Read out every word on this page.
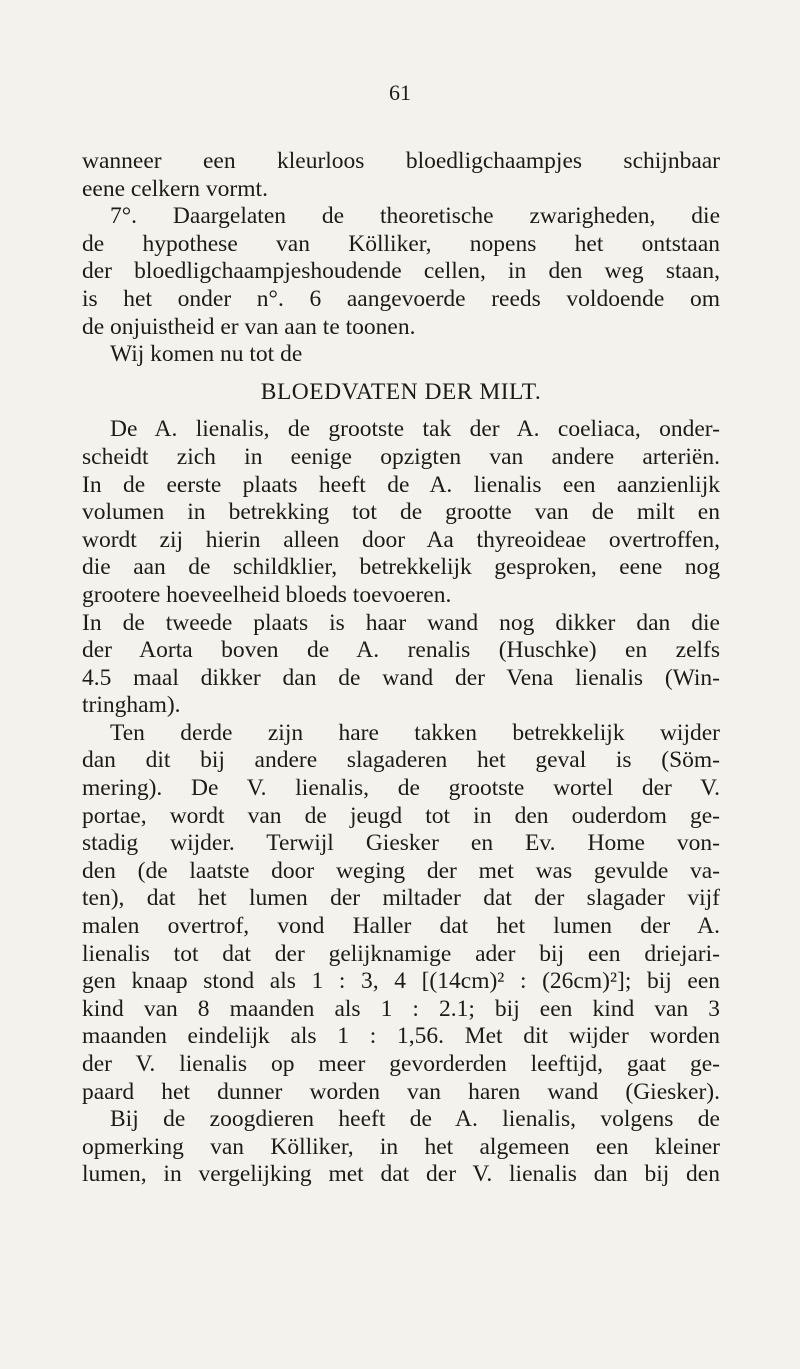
61
wanneer een kleurloos bloedligchaampjes schijnbaar
eene celkern vormt.
7°. Daargelaten de theoretische zwarigheden, die
de hypothese van Kölliker, nopens het ontstaan
der bloedligchaampjeshoudende cellen, in den weg staan,
is het onder n°. 6 aangevoerde reeds voldoende om
de onjuistheid er van aan te toonen.
Wij komen nu tot de
BLOEDVATEN DER MILT.
De A. lienalis, de grootste tak der A. coeliaca, onder-
scheidt zich in eenige opzigten van andere arteriën.
In de eerste plaats heeft de A. lienalis een aanzienlijk
volumen in betrekking tot de grootte van de milt en
wordt zij hierin alleen door Aa thyreoideae overtroffen,
die aan de schildklier, betrekkelijk gesproken, eene nog
grootere hoeveelheid bloeds toevoeren.
In de tweede plaats is haar wand nog dikker dan die
der Aorta boven de A. renalis (Huschke) en zelfs
4.5 maal dikker dan de wand der Vena lienalis (Win-
tringham).
Ten derde zijn hare takken betrekkelijk wijder
dan dit bij andere slagaderen het geval is (Söm-
mering). De V. lienalis, de grootste wortel der V.
portae, wordt van de jeugd tot in den ouderdom ge-
stadig wijder. Terwijl Giesker en Ev. Home von-
den (de laatste door weging der met was gevulde va-
ten), dat het lumen der miltader dat der slagader vijf
malen overtrof, vond Haller dat het lumen der A.
lienalis tot dat der gelijknamige ader bij een driejari-
gen knaap stond als 1 : 3, 4 [(14cm)² : (26cm)²]; bij een
kind van 8 maanden als 1 : 2.1; bij een kind van 3
maanden eindelijk als 1 : 1,56. Met dit wijder worden
der V. lienalis op meer gevorderden leeftijd, gaat ge-
paard het dunner worden van haren wand (Giesker).
Bij de zoogdieren heeft de A. lienalis, volgens de
opmerking van Kölliker, in het algemeen een kleiner
lumen, in vergelijking met dat der V. lienalis dan bij den
